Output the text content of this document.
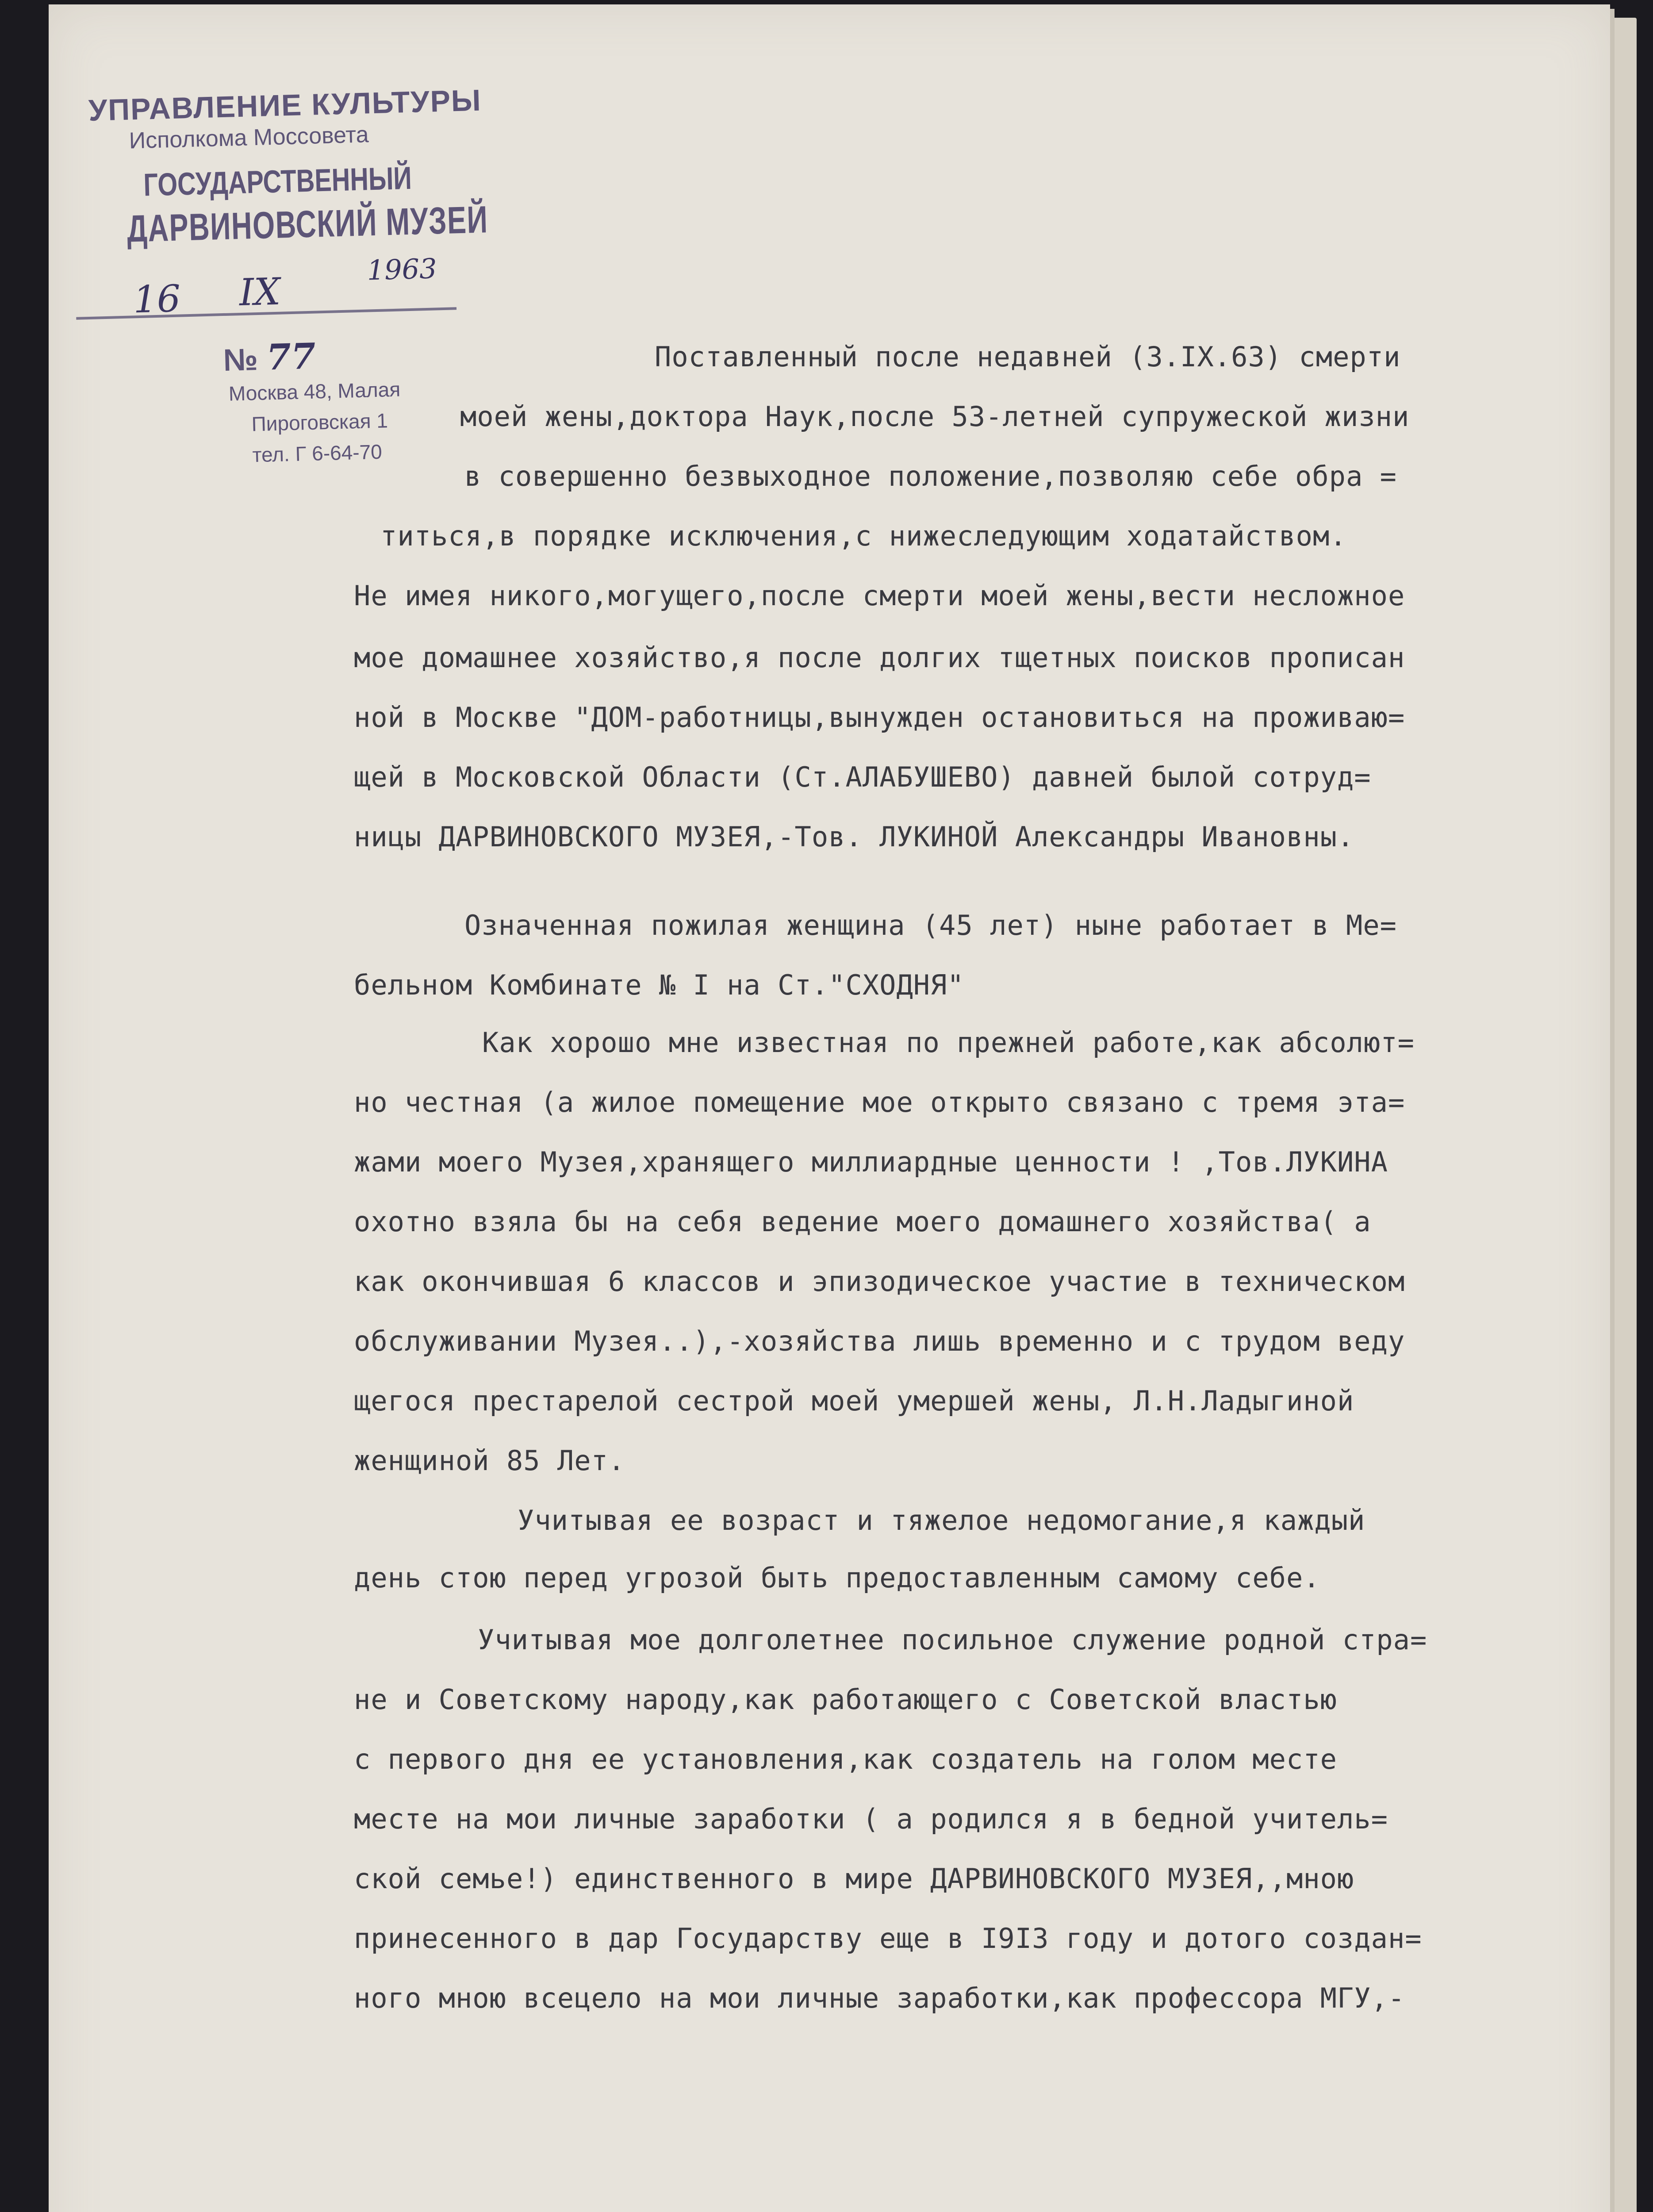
УПРАВЛЕНИЕ КУЛЬТУРЫ
Исполкома Моссовета
ГОСУДАРСТВЕННЫЙ
ДАРВИНОВСКИЙ МУЗЕЙ
16 IX
1963
№ 77
Москва 48, Малая
Пироговская 1
тел. Г 6-64-70
Поставленный после недавней (3.IX.63) смерти
моей жены,доктора Наук,после 53-летней супружеской жизни
в совершенно безвыходное положение,позволяю себе обра =
титься,в порядке исключения,с нижеследующим ходатайством.
Не имея никого,могущего,после смерти моей жены,вести несложное
мое домашнее хозяйство,я после долгих тщетных поисков прописан
ной в Москве "ДОМ-работницы,вынужден остановиться на проживаю=
щей в Московской Области (Ст.АЛАБУШЕВО) давней былой сотруд=
ницы ДАРВИНОВСКОГО МУЗЕЯ,-Тов. ЛУКИНОЙ Александры Ивановны.
Означенная пожилая женщина (45 лет) ныне работает в Ме=
бельном Комбинате № I на Ст."СХОДНЯ"
Как хорошо мне известная по прежней работе,как абсолют=
но честная (а жилое помещение мое открыто связано с тремя эта=
жами моего Музея,хранящего миллиардные ценности ! ,Тов.ЛУКИНА
охотно взяла бы на себя ведение моего домашнего хозяйства( а
как окончившая 6 классов и эпизодическое участие в техническом
обслуживании Музея..),-хозяйства лишь временно и с трудом веду
щегося престарелой сестрой моей умершей жены, Л.Н.Ладыгиной
женщиной 85 Лет.
Учитывая ее возраст и тяжелое недомогание,я каждый
день стою перед угрозой быть предоставленным самому себе.
Учитывая мое долголетнее посильное служение родной стра=
не и Советскому народу,как работающего с Советской властью
с первого дня ее установления,как создатель на голом месте
месте на мои личные заработки ( а родился я в бедной учитель=
ской семье!) единственного в мире ДАРВИНОВСКОГО МУЗЕЯ,,мною
принесенного в дар Государству еще в I9I3 году и дотого создан=
ного мною всецело на мои личные заработки,как профессора МГУ,-
